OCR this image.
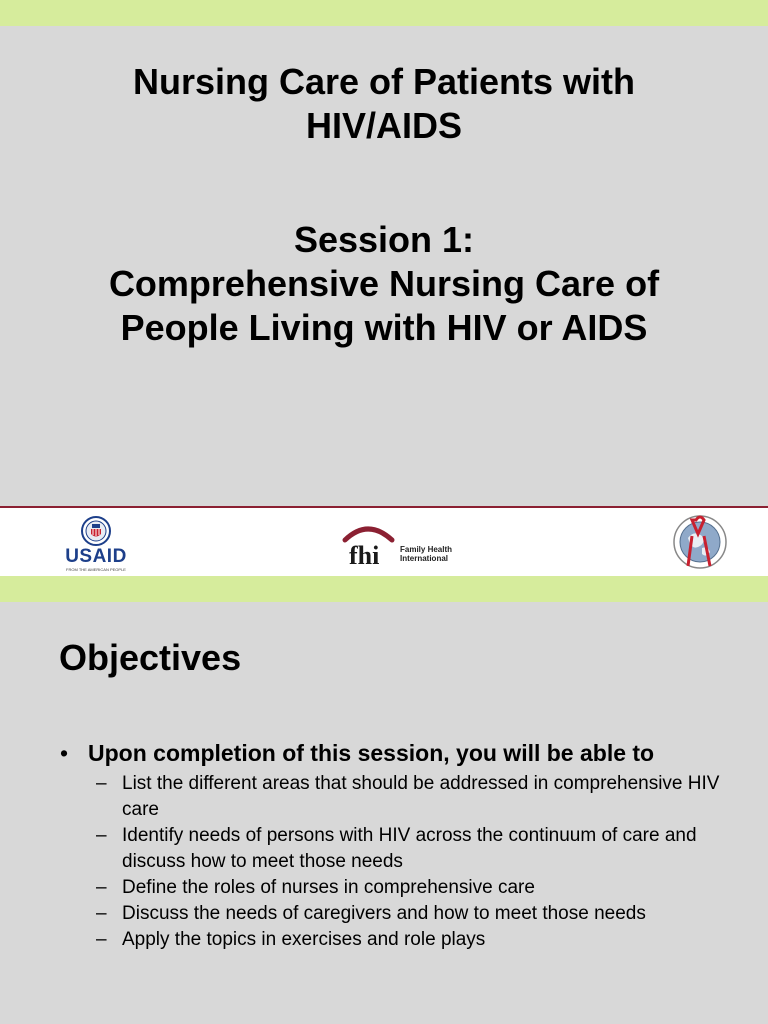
Nursing Care of Patients with
HIV/AIDS
Session 1:
Comprehensive Nursing Care of
People Living with HIV or AIDS
USAID
FROM THE AMERICAN PEOPLE	fhi	Family Health
International
Objectives
• Upon completion of this session, you will be able to
– List the different areas that should be addressed in comprehensive HIV care
– Identify needs of persons with HIV across the continuum of care and discuss how to meet those needs
– Define the roles of nurses in comprehensive care
– Discuss the needs of caregivers and how to meet those needs
– Apply the topics in exercises and role plays
